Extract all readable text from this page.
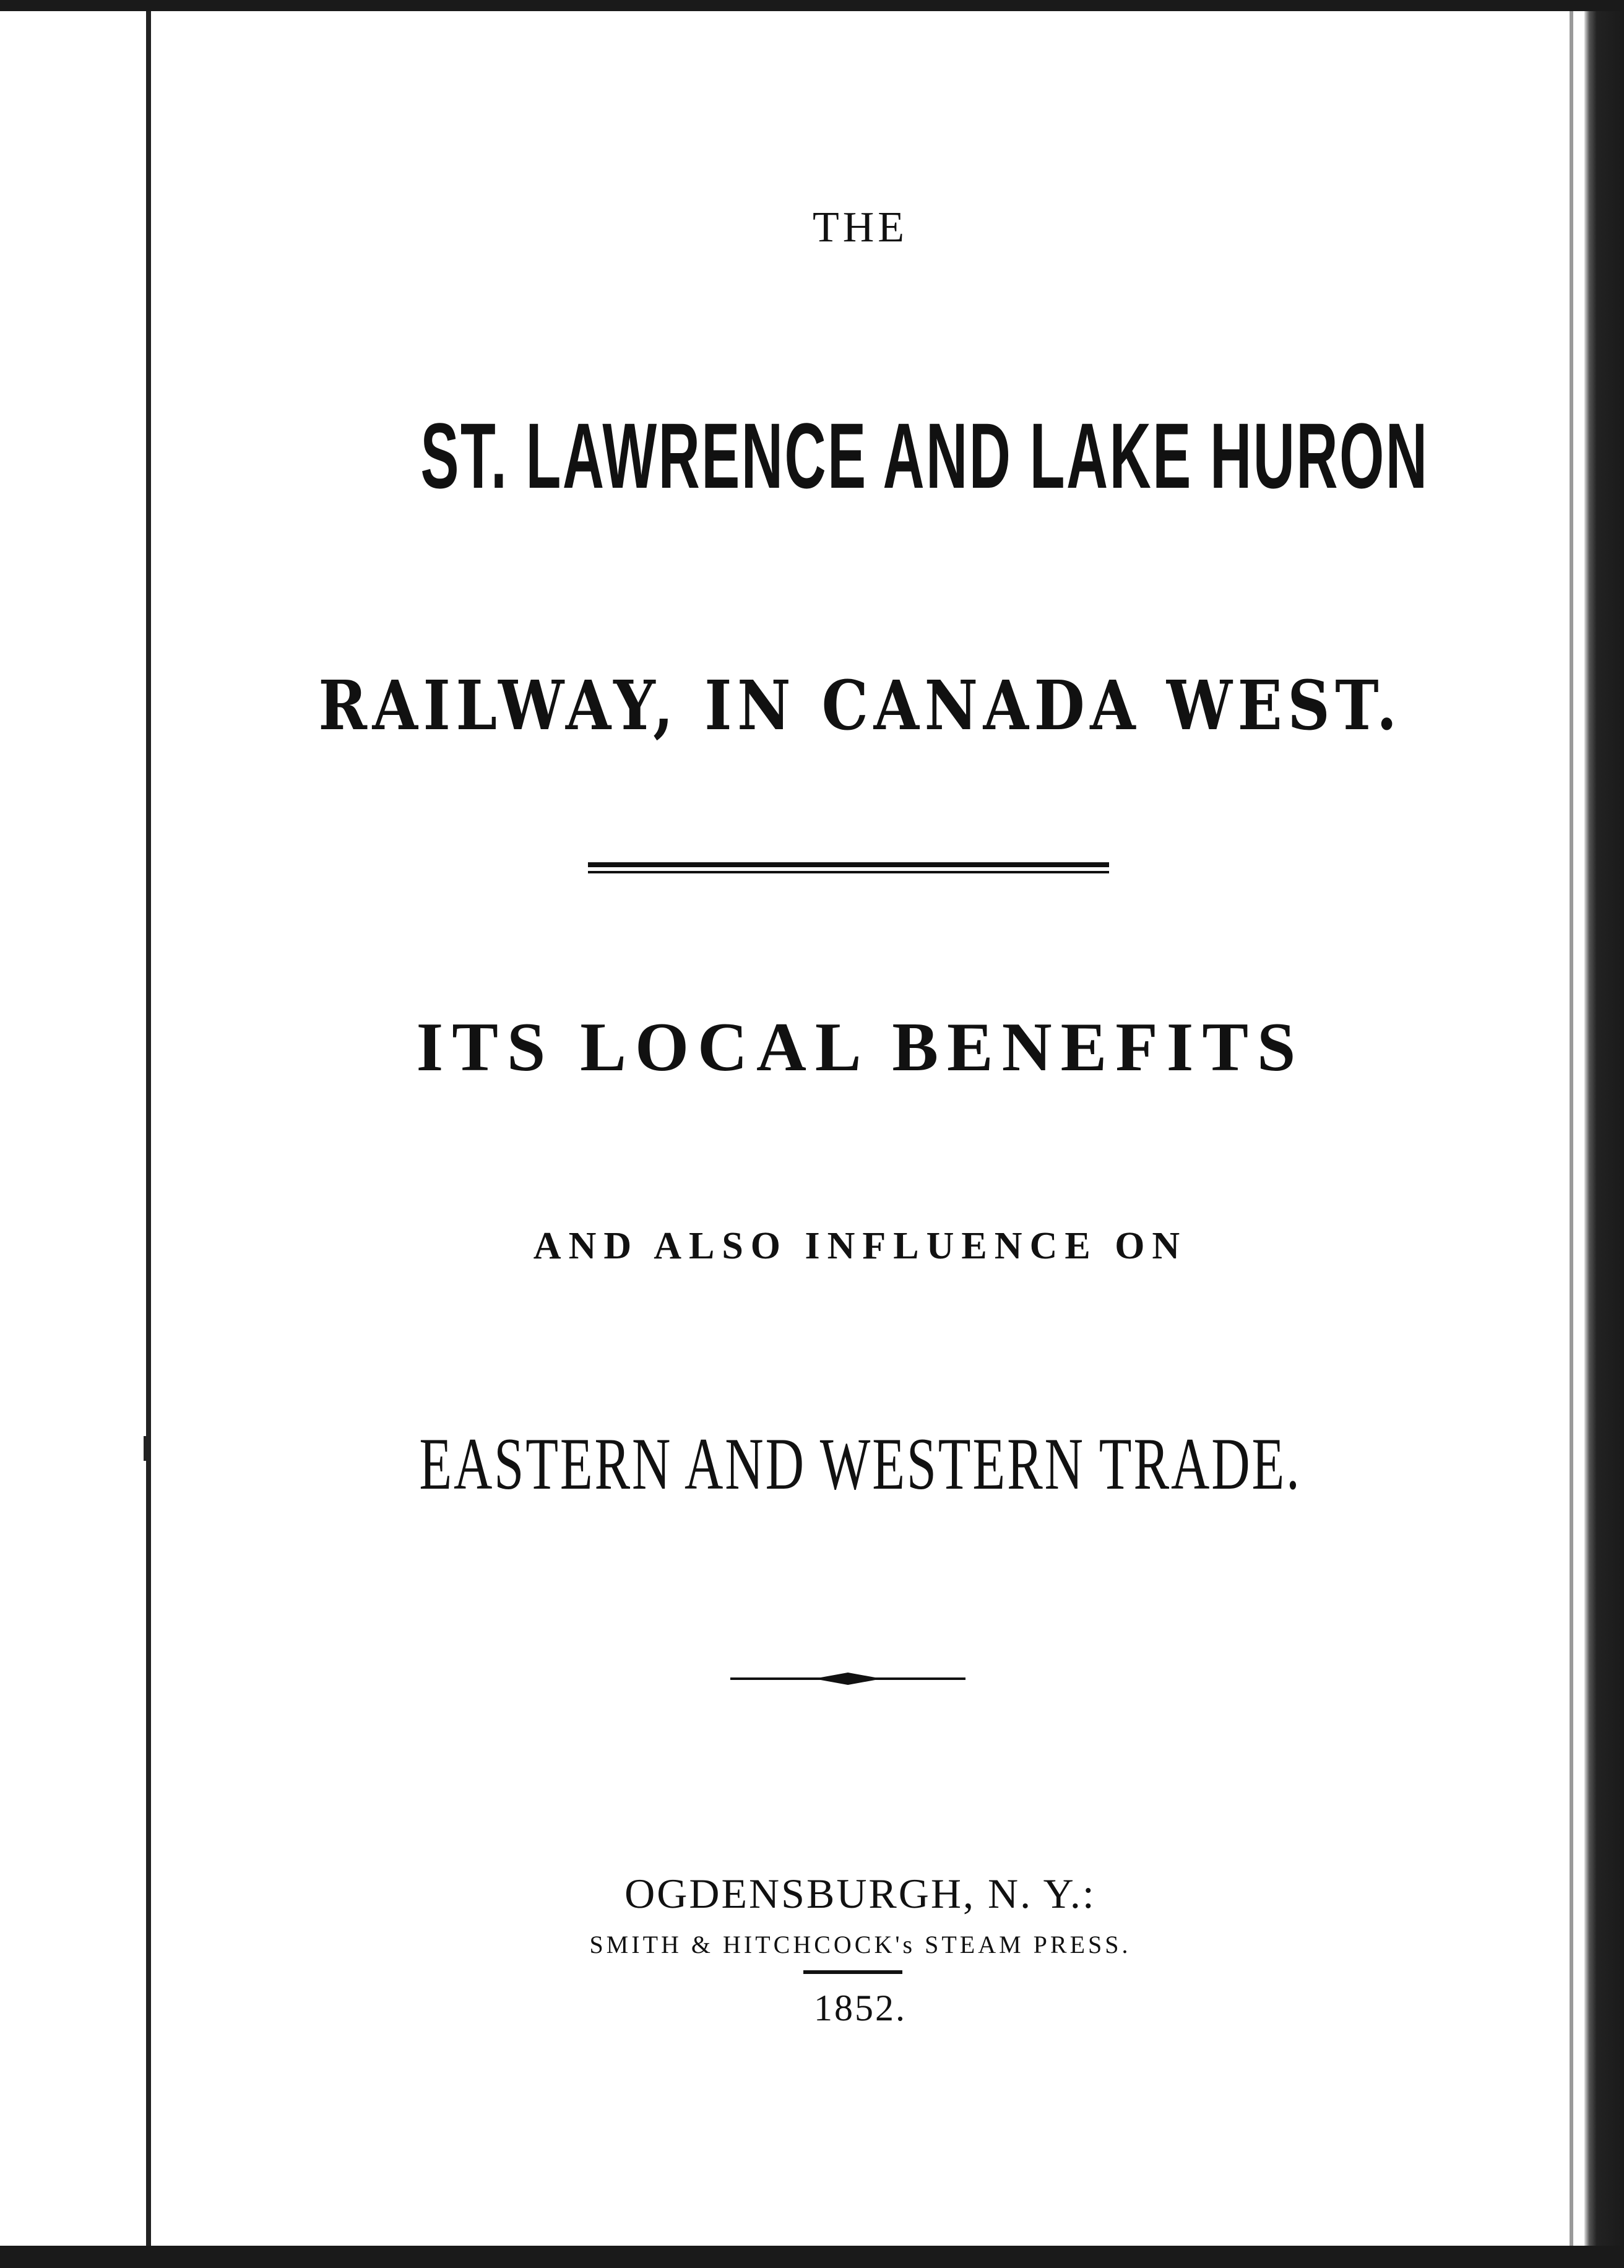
THE
ST. LAWRENCE AND LAKE HURON
RAILWAY, IN CANADA WEST.
ITS LOCAL BENEFITS
AND ALSO INFLUENCE ON
EASTERN AND WESTERN TRADE.
OGDENSBURGH, N. Y.:
SMITH & HITCHCOCK's STEAM PRESS.
1852.
